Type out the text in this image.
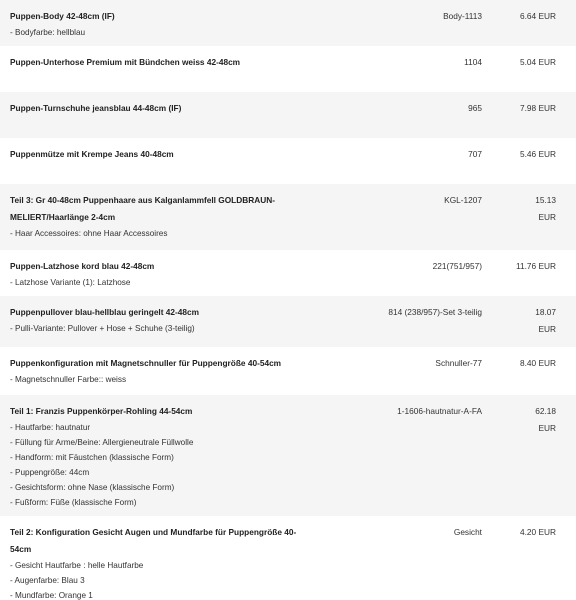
Puppen-Body 42-48cm (IF)
- Bodyfarbe: hellblau
Body-1113	6.64 EUR
Puppen-Unterhose Premium mit Bündchen weiss 42-48cm	1104	5.04 EUR
Puppen-Turnschuhe jeansblau 44-48cm (IF)	965	7.98 EUR
Puppenmütze mit Krempe Jeans 40-48cm	707	5.46 EUR
Teil 3: Gr 40-48cm Puppenhaare aus Kalganlammfell GOLDBRAUN-MELIERT/Haarlänge 2-4cm
- Haar Accessoires: ohne Haar Accessoires
KGL-1207	15.13 EUR
Puppen-Latzhose kord blau 42-48cm
- Latzhose Variante (1): Latzhose
221(751/957)	11.76 EUR
Puppenpullover blau-hellblau geringelt 42-48cm
- Pulli-Variante: Pullover + Hose + Schuhe (3-teilig)
814 (238/957)-Set 3-teilig	18.07 EUR
Puppenkonfiguration mit Magnetschnuller für Puppengröße 40-54cm
- Magnetschnuller Farbe:: weiss
Schnuller-77	8.40 EUR
Teil 1: Franzis Puppenkörper-Rohling 44-54cm
- Hautfarbe: hautnatur
- Füllung für Arme/Beine: Allergieneutrale Füllwolle
- Handform: mit Fäustchen (klassische Form)
- Puppengröße: 44cm
- Gesichtsform: ohne Nase (klassische Form)
- Fußform: Füße (klassische Form)
1-1606-hautnatur-A-FA	62.18 EUR
Teil 2: Konfiguration Gesicht Augen und Mundfarbe für Puppengröße 40-54cm
- Gesicht Hautfarbe : helle Hautfarbe
- Augenfarbe: Blau 3
- Mundfarbe: Orange 1
Gesicht	4.20 EUR
